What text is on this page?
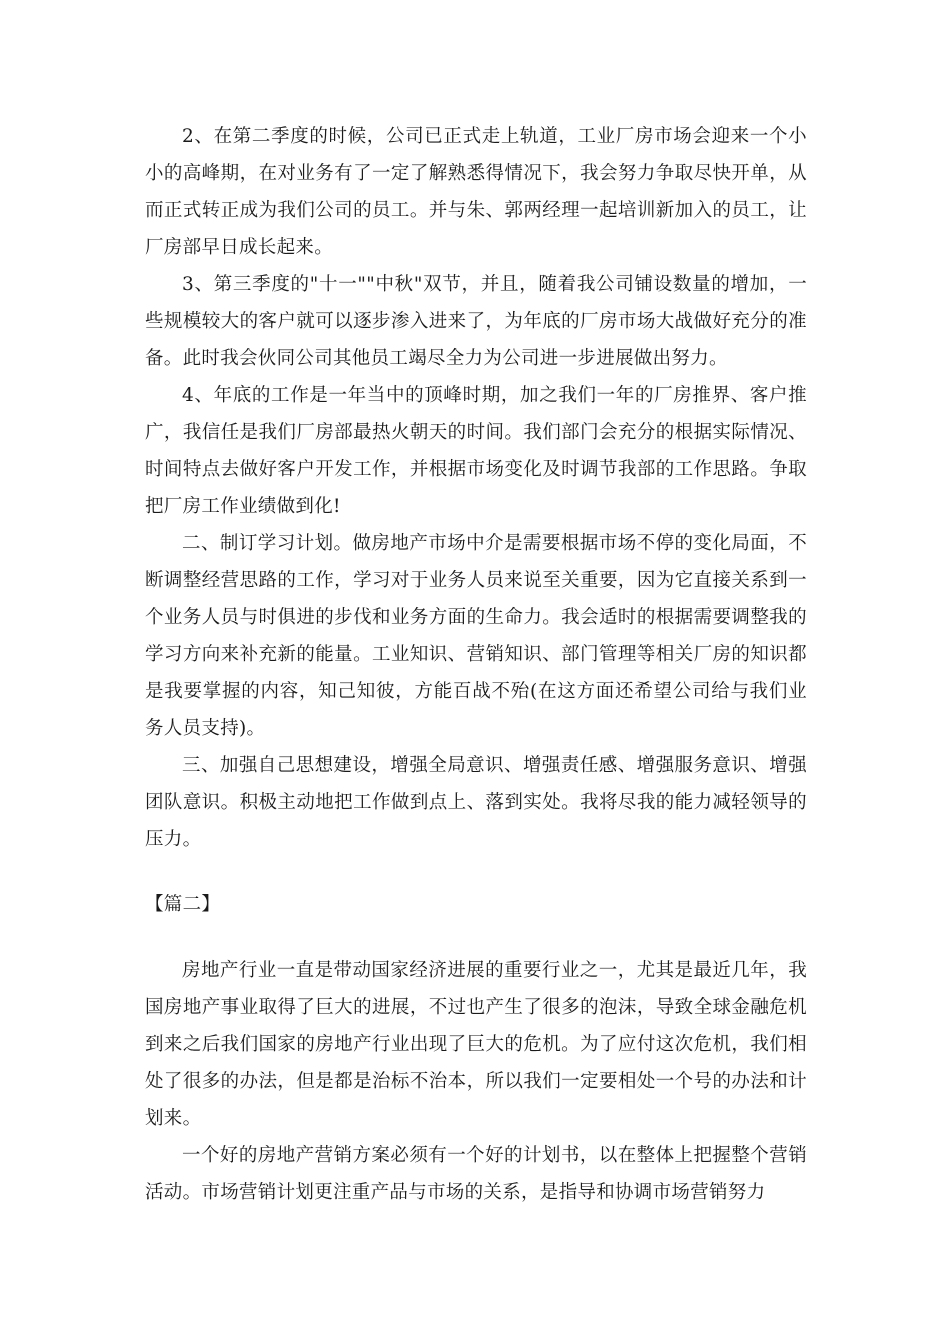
2、在第二季度的时候，公司已正式走上轨道，工业厂房市场会迎来一个小小的高峰期，在对业务有了一定了解熟悉得情况下，我会努力争取尽快开单，从而正式转正成为我们公司的员工。并与朱、郭两经理一起培训新加入的员工，让厂房部早日成长起来。

3、第三季度的"十一""中秋"双节，并且，随着我公司铺设数量的增加，一些规模较大的客户就可以逐步渗入进来了，为年底的厂房市场大战做好充分的准备。此时我会伙同公司其他员工竭尽全力为公司进一步进展做出努力。

4、年底的工作是一年当中的顶峰时期，加之我们一年的厂房推界、客户推广，我信任是我们厂房部最热火朝天的时间。我们部门会充分的根据实际情况、时间特点去做好客户开发工作，并根据市场变化及时调节我部的工作思路。争取把厂房工作业绩做到化!

二、制订学习计划。做房地产市场中介是需要根据市场不停的变化局面，不断调整经营思路的工作，学习对于业务人员来说至关重要，因为它直接关系到一个业务人员与时俱进的步伐和业务方面的生命力。我会适时的根据需要调整我的学习方向来补充新的能量。工业知识、营销知识、部门管理等相关厂房的知识都是我要掌握的内容，知己知彼，方能百战不殆(在这方面还希望公司给与我们业务人员支持)。

三、加强自己思想建设，增强全局意识、增强责任感、增强服务意识、增强团队意识。积极主动地把工作做到点上、落到实处。我将尽我的能力减轻领导的压力。

【篇二】

房地产行业一直是带动国家经济进展的重要行业之一，尤其是最近几年，我国房地产事业取得了巨大的进展，不过也产生了很多的泡沫，导致全球金融危机到来之后我们国家的房地产行业出现了巨大的危机。为了应付这次危机，我们相处了很多的办法，但是都是治标不治本，所以我们一定要相处一个号的办法和计划来。

一个好的房地产营销方案必须有一个好的计划书，以在整体上把握整个营销活动。市场营销计划更注重产品与市场的关系，是指导和协调市场营销努力
